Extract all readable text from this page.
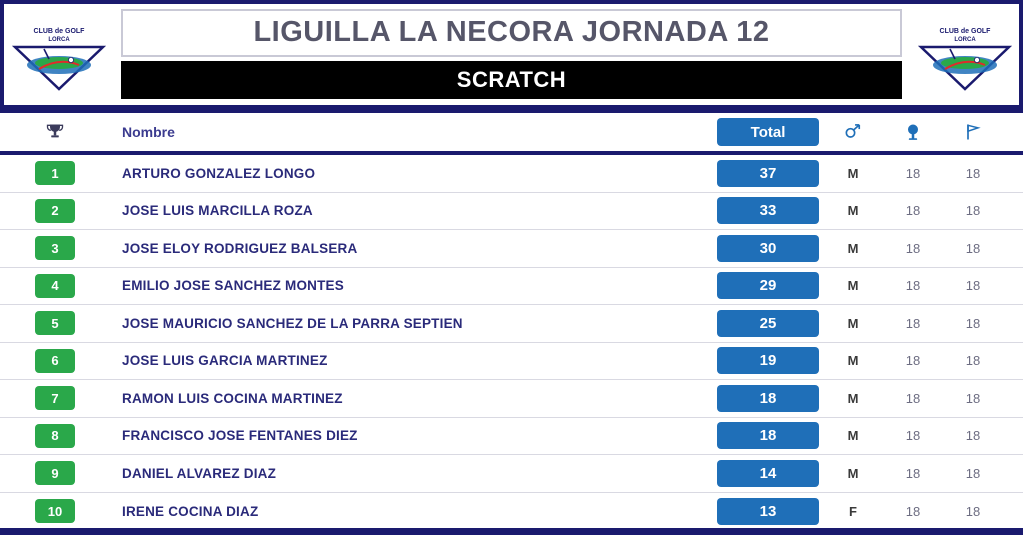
CLUB de GOLF
LORCA	LIGUILLA LA NECORA JORNADA 12
SCRATCH
CLUB de GOLF
LORCA
Nombre	Total
1	ARTURO GONZALEZ LONGO	37	M	18	18
2	JOSE LUIS MARCILLA ROZA	33	M	18	18
3	JOSE ELOY RODRIGUEZ BALSERA	30	M	18	18
4	EMILIO JOSE SANCHEZ MONTES	29	M	18	18
5	JOSE MAURICIO SANCHEZ DE LA PARRA SEPTIEN	25	M	18	18
6	JOSE LUIS GARCIA MARTINEZ	19	M	18	18
7	RAMON LUIS COCINA MARTINEZ	18	M	18	18
8	FRANCISCO JOSE FENTANES DIEZ	18	M	18	18
9	DANIEL ALVAREZ DIAZ	14	M	18	18
10	IRENE COCINA DIAZ	13	F	18	18
